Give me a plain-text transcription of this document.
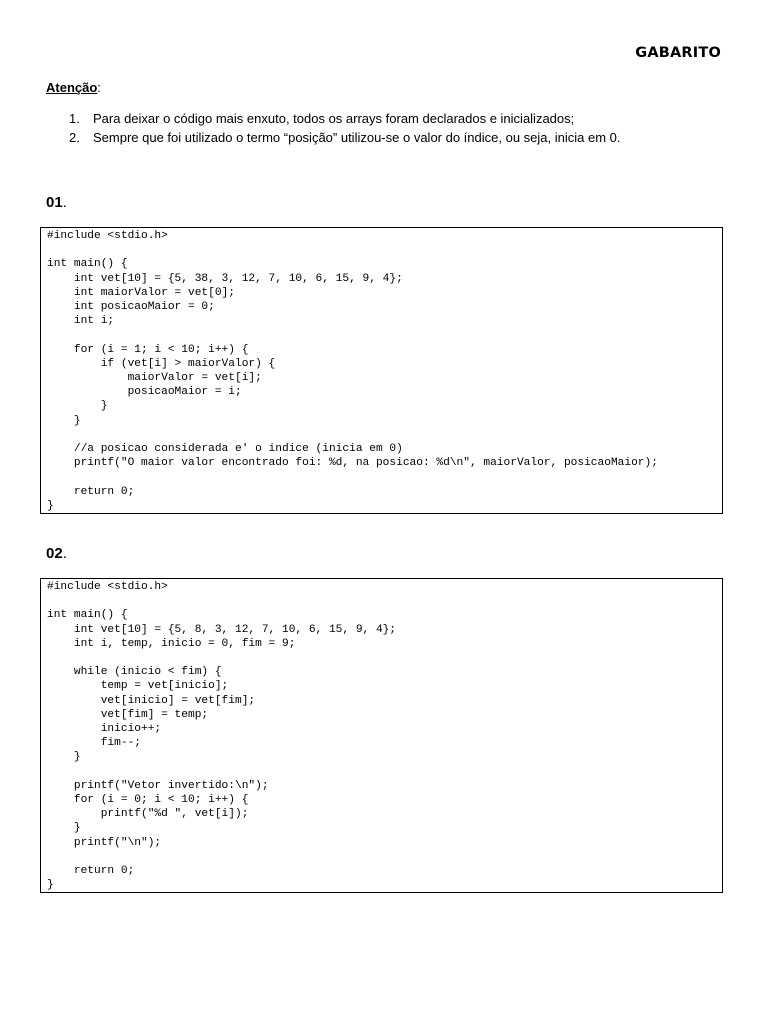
GABARITO
Atenção:
1. Para deixar o código mais enxuto, todos os arrays foram declarados e inicializados;
2. Sempre que foi utilizado o termo “posição” utilizou-se o valor do índice, ou seja, inicia em 0.
01.
#include <stdio.h>

int main() {
int vet[10] = {5, 38, 3, 12, 7, 10, 6, 15, 9, 4};
int maiorValor = vet[0];
int posicaoMaior = 0;
int i;

for (i = 1; i < 10; i++) {
if (vet[i] > maiorValor) {
maiorValor = vet[i];
posicaoMaior = i;
}
}

//a posicao considerada e' o indice (inicia em 0)
printf("O maior valor encontrado foi: %d, na posicao: %d\n", maiorValor, posicaoMaior);

return 0;
}
02.
#include <stdio.h>

int main() {
int vet[10] = {5, 8, 3, 12, 7, 10, 6, 15, 9, 4};
int i, temp, inicio = 0, fim = 9;

while (inicio < fim) {
temp = vet[inicio];
vet[inicio] = vet[fim];
vet[fim] = temp;
inicio++;
fim--;
}

printf("Vetor invertido:\n");
for (i = 0; i < 10; i++) {
printf("%d ", vet[i]);
}
printf("\n");

return 0;
}
